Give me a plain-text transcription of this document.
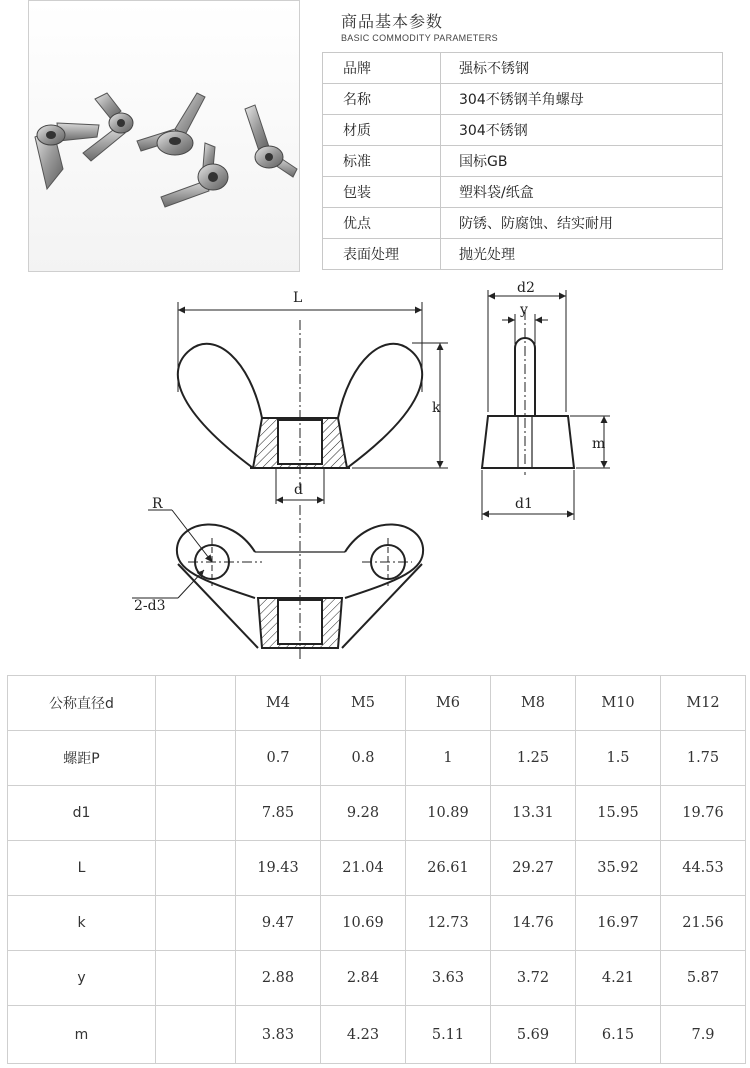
商品基本参数
BASIC COMMODITY PARAMETERS
品牌	强标不锈钢
名称	304不锈钢羊角螺母
材质	304不锈钢
标准	国标GB
包装	塑料袋/纸盒
优点	防锈、防腐蚀、结实耐用
表面处理	抛光处理
L
k
d
d2
y
m
d1
R
2-d3
公称直径d		M4	M5	M6	M8	M10	M12
螺距P		0.7	0.8	1	1.25	1.5	1.75
d1		7.85	9.28	10.89	13.31	15.95	19.76
L		19.43	21.04	26.61	29.27	35.92	44.53
k		9.47	10.69	12.73	14.76	16.97	21.56
y		2.88	2.84	3.63	3.72	4.21	5.87
m		3.83	4.23	5.11	5.69	6.15	7.9
